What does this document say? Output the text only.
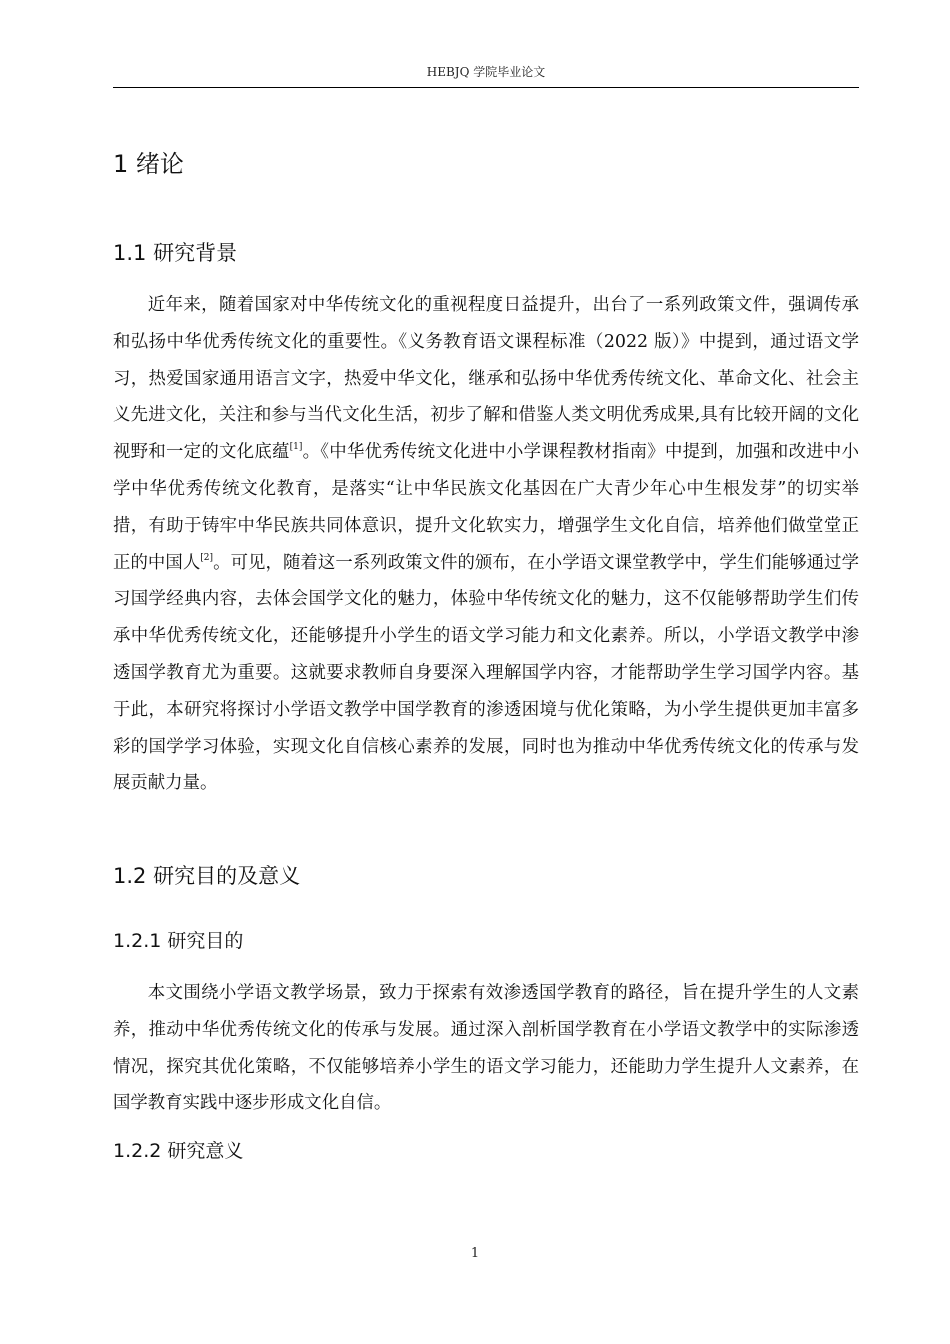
HEBJQ 学院毕业论文
1 绪论
1.1 研究背景

近年来，随着国家对中华传统文化的重视程度日益提升，出台了一系列政策文件，强调传承和弘扬中华优秀传统文化的重要性。《义务教育语文课程标准（2022 版）》中提到，通过语文学习，热爱国家通用语言文字，热爱中华文化，继承和弘扬中华优秀传统文化、革命文化、社会主义先进文化，关注和参与当代文化生活，初步了解和借鉴人类文明优秀成果,具有比较开阔的文化视野和一定的文化底蕴[1]。《中华优秀传统文化进中小学课程教材指南》中提到，加强和改进中小学中华优秀传统文化教育，是落实“让中华民族文化基因在广大青少年心中生根发芽”的切实举措，有助于铸牢中华民族共同体意识，提升文化软实力，增强学生文化自信，培养他们做堂堂正正的中国人[2]。可见，随着这一系列政策文件的颁布，在小学语文课堂教学中，学生们能够通过学习国学经典内容，去体会国学文化的魅力，体验中华传统文化的魅力，这不仅能够帮助学生们传承中华优秀传统文化，还能够提升小学生的语文学习能力和文化素养。所以，小学语文教学中渗透国学教育尤为重要。这就要求教师自身要深入理解国学内容，才能帮助学生学习国学内容。基于此，本研究将探讨小学语文教学中国学教育的渗透困境与优化策略，为小学生提供更加丰富多彩的国学学习体验，实现文化自信核心素养的发展，同时也为推动中华优秀传统文化的传承与发展贡献力量。

1.2 研究目的及意义
1.2.1 研究目的

本文围绕小学语文教学场景，致力于探索有效渗透国学教育的路径，旨在提升学生的人文素养，推动中华优秀传统文化的传承与发展。通过深入剖析国学教育在小学语文教学中的实际渗透情况，探究其优化策略，不仅能够培养小学生的语文学习能力，还能助力学生提升人文素养，在国学教育实践中逐步形成文化自信。

1.2.2 研究意义
1
